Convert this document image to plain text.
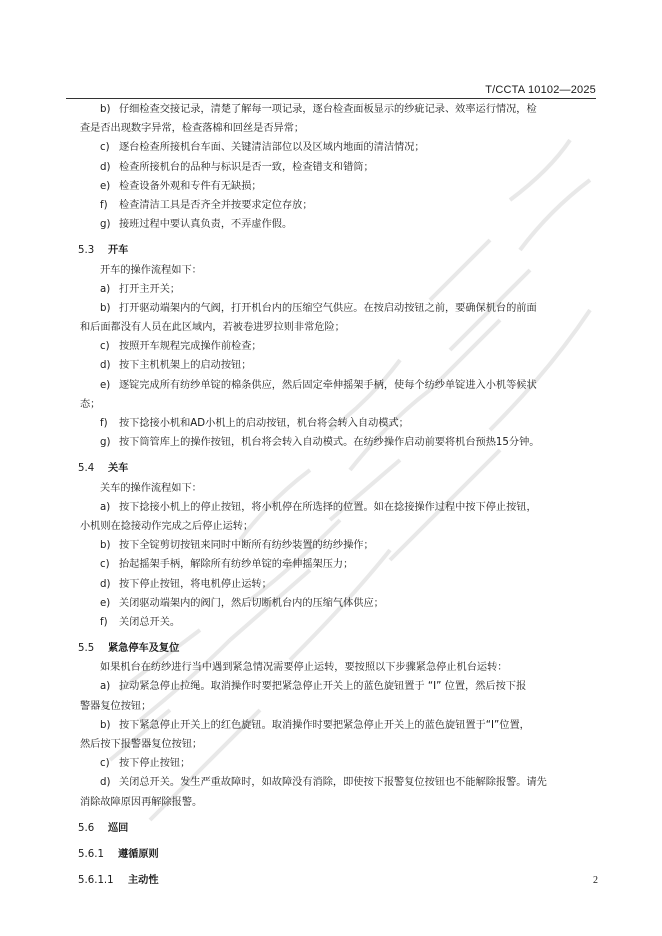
T/CCTA 10102—2025
b) 仔细检查交接记录，清楚了解每一项记录，逐台检查面板显示的纱疵记录、效率运行情况，检
查是否出现数字异常，检查落棉和回丝是否异常；
c) 逐台检查所接机台车面、关键清洁部位以及区域内地面的清洁情况；
d) 检查所接机台的品种与标识是否一致，检查错支和错筒；
e) 检查设备外观和专件有无缺损；
f) 检查清洁工具是否齐全并按要求定位存放；
g) 接班过程中要认真负责，不弄虚作假。
5.3 开车
开车的操作流程如下：
a) 打开主开关；
b) 打开驱动端架内的气阀，打开机台内的压缩空气供应。在按启动按钮之前，要确保机台的前面
和后面都没有人员在此区域内，若被卷进罗拉则非常危险；
c) 按照开车规程完成操作前检查；
d) 按下主机机架上的启动按钮；
e) 逐锭完成所有纺纱单锭的棉条供应，然后固定牵伸摇架手柄，使每个纺纱单锭进入小机等候状
态；
f) 按下捻接小机和AD小机上的启动按钮，机台将会转入自动模式；
g) 按下筒管库上的操作按钮，机台将会转入自动模式。在纺纱操作启动前要将机台预热15分钟。
5.4 关车
关车的操作流程如下：
a) 按下捻接小机上的停止按钮，将小机停在所选择的位置。如在捻接操作过程中按下停止按钮，
小机则在捻接动作完成之后停止运转；
b) 按下全锭剪切按钮来同时中断所有纺纱装置的纺纱操作；
c) 抬起摇架手柄，解除所有纺纱单锭的牵伸摇架压力；
d) 按下停止按钮，将电机停止运转；
e) 关闭驱动端架内的阀门，然后切断机台内的压缩气体供应；
f) 关闭总开关。
5.5 紧急停车及复位
如果机台在纺纱进行当中遇到紧急情况需要停止运转，要按照以下步骤紧急停止机台运转：
a) 拉动紧急停止拉绳。取消操作时要把紧急停止开关上的蓝色旋钮置于 “I” 位置，然后按下报
警器复位按钮；
b) 按下紧急停止开关上的红色旋钮。取消操作时要把紧急停止开关上的蓝色旋钮置于“I”位置，
然后按下报警器复位按钮；
c) 按下停止按钮；
d) 关闭总开关。发生严重故障时，如故障没有消除，即使按下报警复位按钮也不能解除报警。请先
消除故障原因再解除报警。
5.6 巡回
5.6.1 遵循原则
5.6.1.1 主动性	2
